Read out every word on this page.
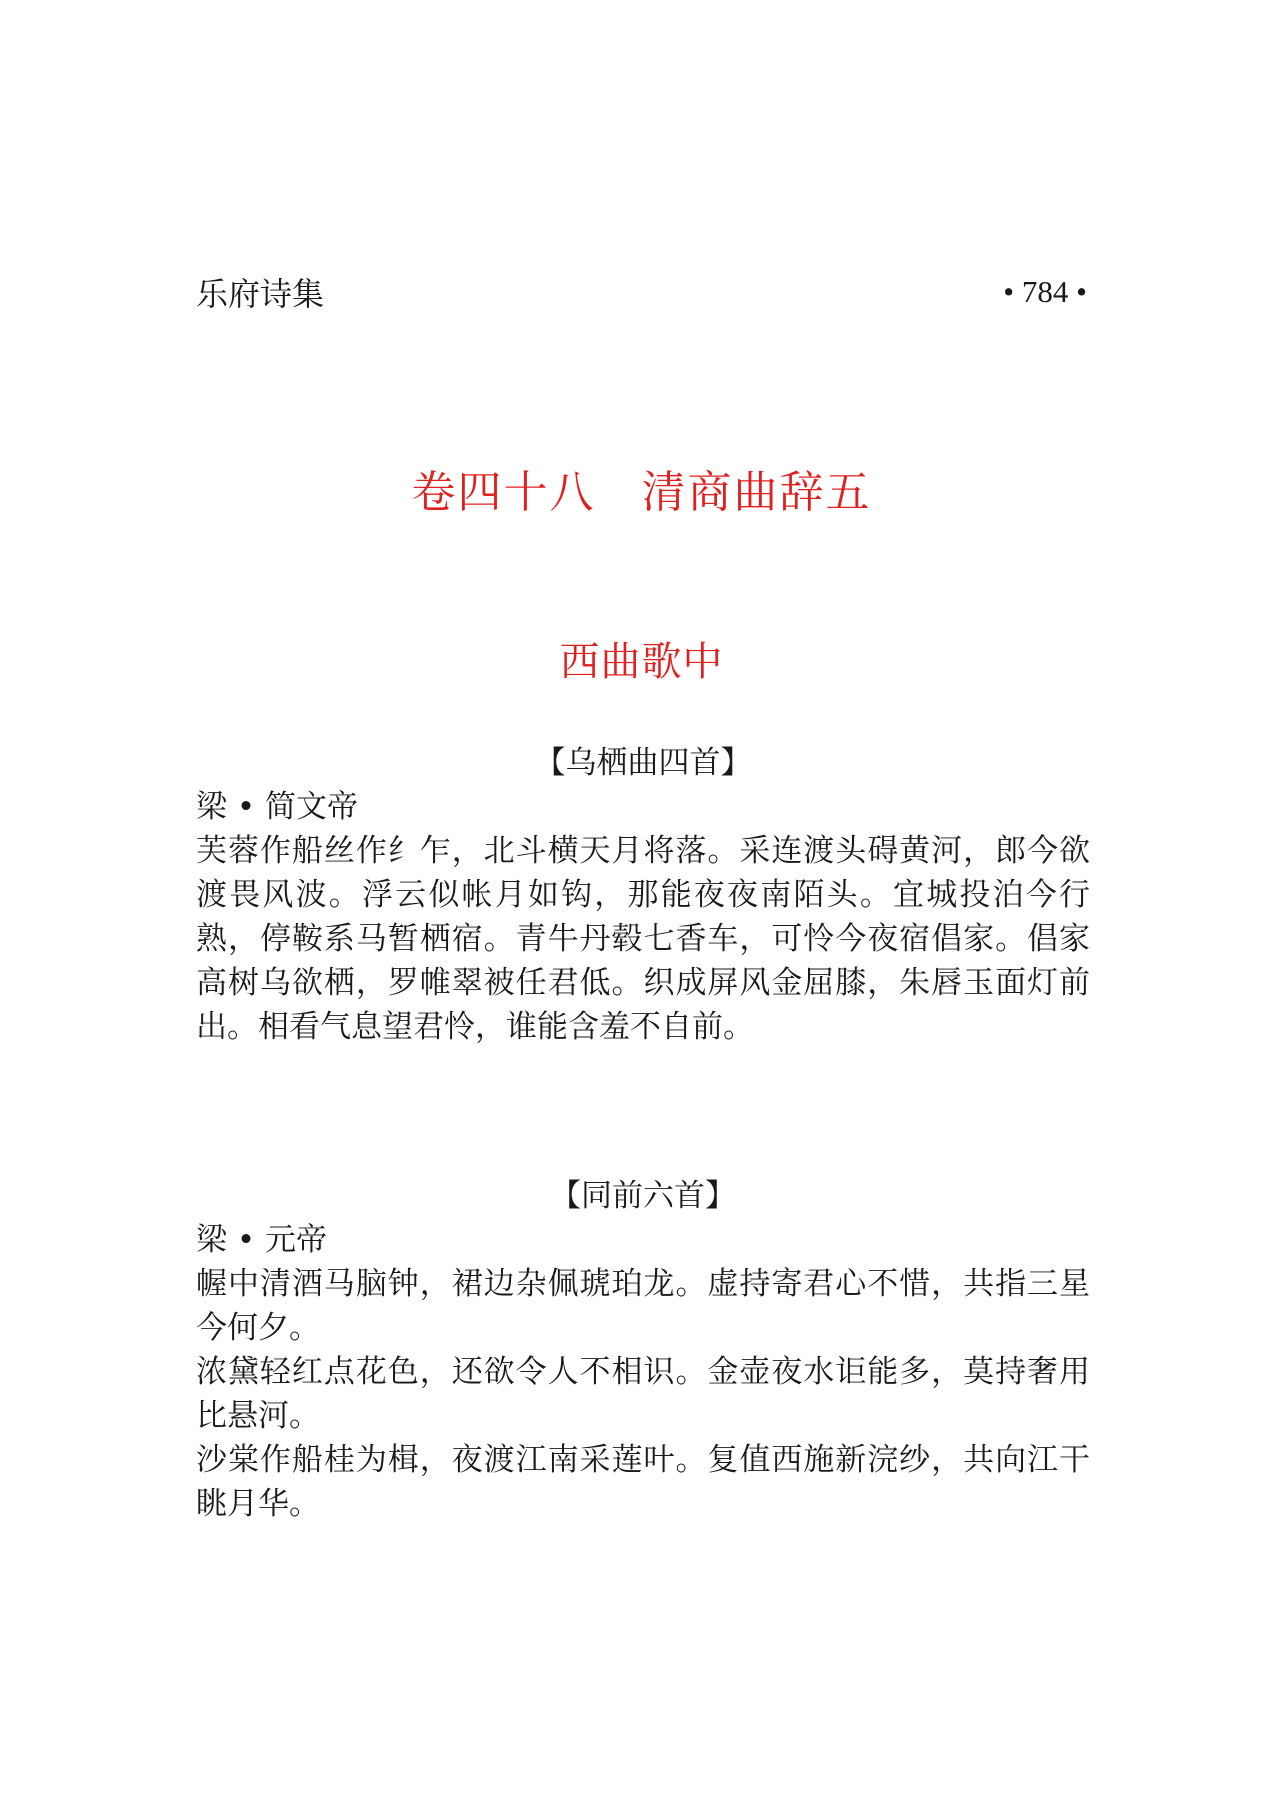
乐府诗集	• 784 •
卷四十八　清商曲辞五
西曲歌中
【乌栖曲四首】
梁 • 简文帝

芙蓉作船丝作纟乍，北斗横天月将落。采连渡头碍黄河，郎今欲渡畏风波。浮云似帐月如钩，那能夜夜南陌头。宜城投泊今行熟，停鞍系马暂栖宿。青牛丹毂七香车，可怜今夜宿倡家。倡家高树乌欲栖，罗帷翠被任君低。织成屏风金屈膝，朱唇玉面灯前出。相看气息望君怜，谁能含羞不自前。

【同前六首】
梁 • 元帝

幄中清酒马脑钟，裙边杂佩琥珀龙。虚持寄君心不惜，共指三星今何夕。

浓黛轻红点花色，还欲令人不相识。金壶夜水讵能多，莫持奢用比悬河。

沙棠作船桂为楫，夜渡江南采莲叶。复值西施新浣纱，共向江干眺月华。
